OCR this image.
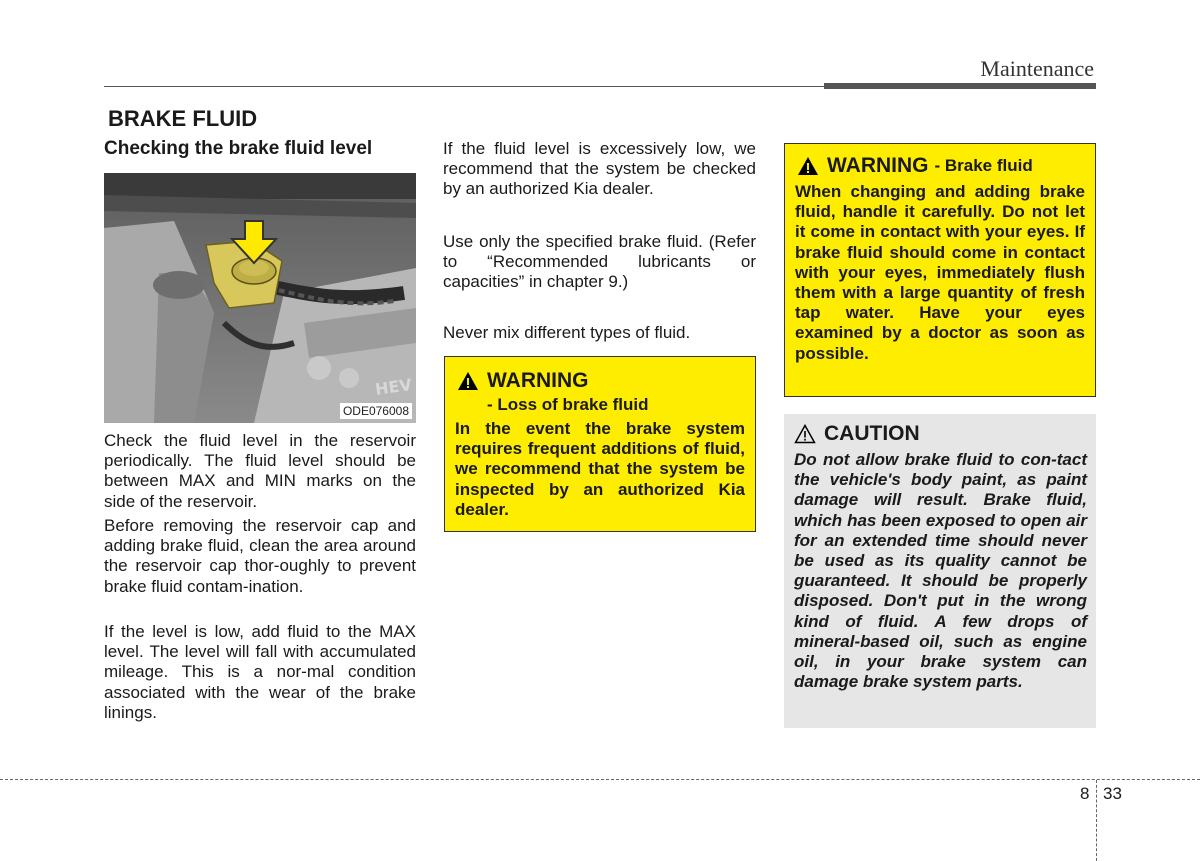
Maintenance
BRAKE FLUID
Checking the brake fluid level
HEV
ODE076008

Check the fluid level in the reservoir periodically. The fluid level should be between MAX and MIN marks on the side of the reservoir.

Before removing the reservoir cap and adding brake fluid, clean the area around the reservoir cap thor-oughly to prevent brake fluid contam-ination.

If the level is low, add fluid to the MAX level. The level will fall with accumulated mileage. This is a nor-mal condition associated with the wear of the brake linings.

If the fluid level is excessively low, we recommend that the system be checked by an authorized Kia dealer.

Use only the specified brake fluid. (Refer to “Recommended lubricants or capacities” in chapter 9.)

Never mix different types of fluid.

WARNING
- Loss of brake fluid

In the event the brake system requires frequent additions of fluid, we recommend that the system be inspected by an authorized Kia dealer.

WARNING - Brake fluid

When changing and adding brake fluid, handle it carefully. Do not let it come in contact with your eyes. If brake fluid should come in contact with your eyes, immediately flush them with a large quantity of fresh tap water. Have your eyes examined by a doctor as soon as possible.

CAUTION

Do not allow brake fluid to con-tact the vehicle's body paint, as paint damage will result. Brake fluid, which has been exposed to open air for an extended time should never be used as its quality cannot be guaranteed. It should be properly disposed. Don't put in the wrong kind of fluid. A few drops of mineral-based oil, such as engine oil, in your brake system can damage brake system parts.

8 33
